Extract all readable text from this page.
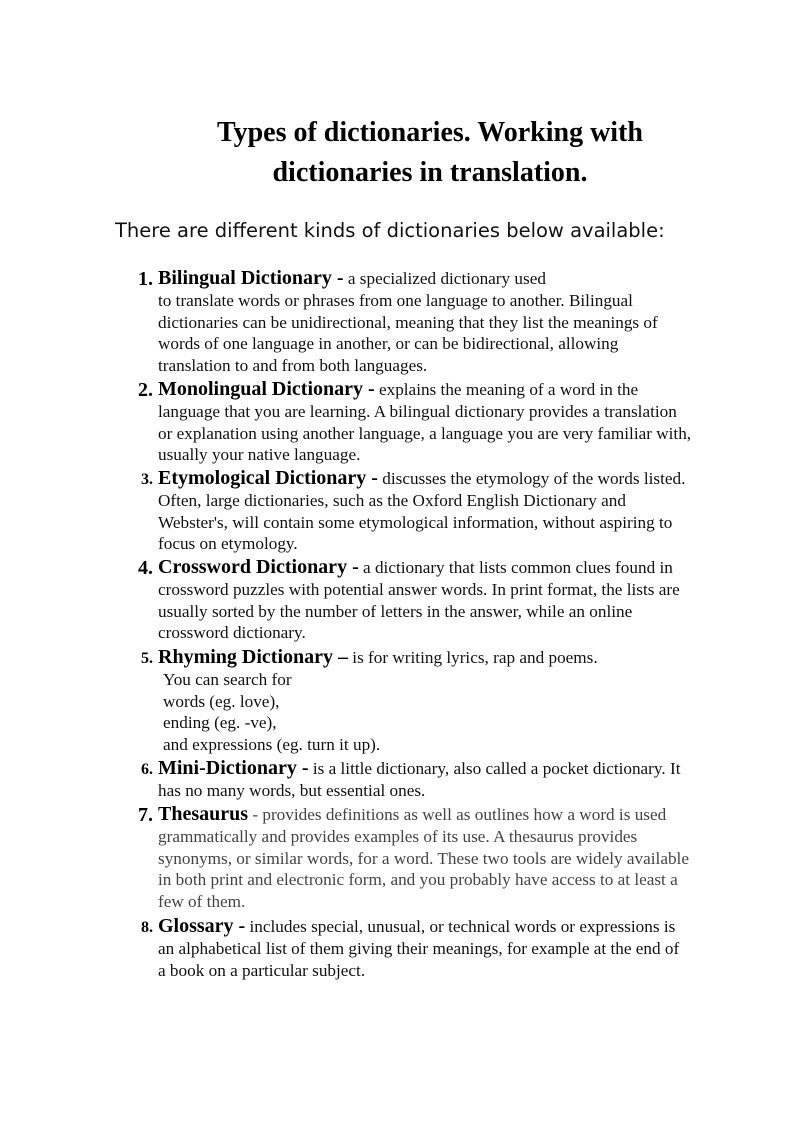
Types of dictionaries. Working with
dictionaries in translation.

There are different kinds of dictionaries below available:

1. Bilingual Dictionary - a specialized dictionary used
to translate words or phrases from one language to another. Bilingual
dictionaries can be unidirectional, meaning that they list the meanings of
words of one language in another, or can be bidirectional, allowing
translation to and from both languages.
2. Monolingual Dictionary - explains the meaning of a word in the
language that you are learning. A bilingual dictionary provides a translation
or explanation using another language, a language you are very familiar with,
usually your native language.
3. Etymological Dictionary - discusses the etymology of the words listed.
Often, large dictionaries, such as the Oxford English Dictionary and
Webster's, will contain some etymological information, without aspiring to
focus on etymology.
4. Crossword Dictionary - a dictionary that lists common clues found in
crossword puzzles with potential answer words. In print format, the lists are
usually sorted by the number of letters in the answer, while an online
crossword dictionary.
5. Rhyming Dictionary – is for writing lyrics, rap and poems.
You can search for
words (eg. love),
ending (eg. -ve),
and expressions (eg. turn it up).
6. Mini-Dictionary - is a little dictionary, also called a pocket dictionary. It
has no many words, but essential ones.
7. Thesaurus - provides definitions as well as outlines how a word is used
grammatically and provides examples of its use. A thesaurus provides
synonyms, or similar words, for a word. These two tools are widely available
in both print and electronic form, and you probably have access to at least a
few of them.
8. Glossary - includes special, unusual, or technical words or expressions is
an alphabetical list of them giving their meanings, for example at the end of
a book on a particular subject.
